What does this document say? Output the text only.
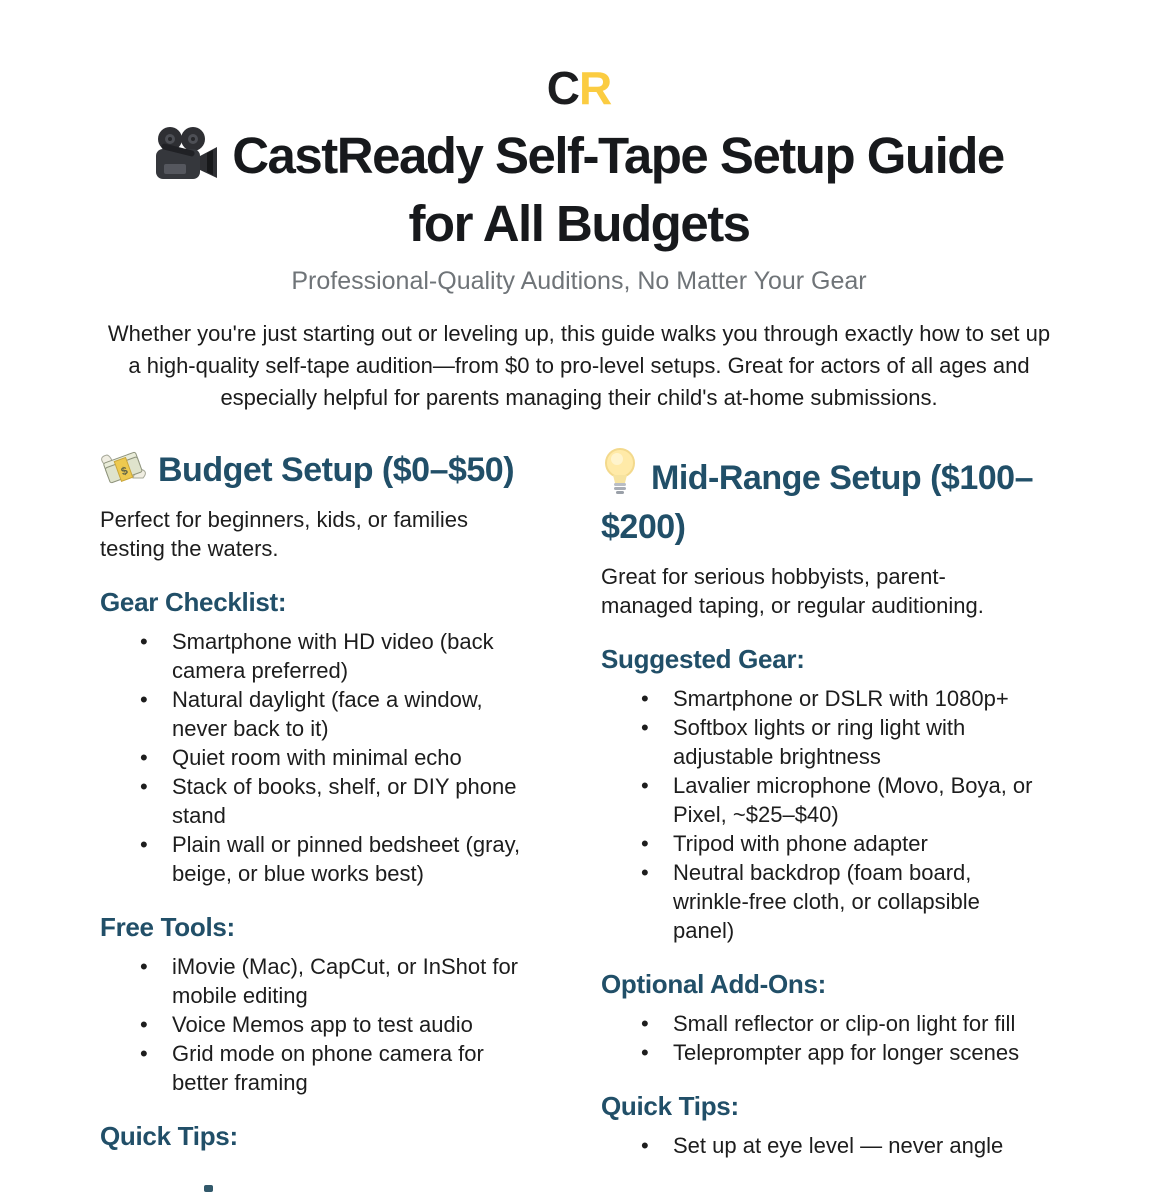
CR
CastReady Self-Tape Setup Guide
for All Budgets
Professional-Quality Auditions, No Matter Your Gear

Whether you're just starting out or leveling up, this guide walks you through exactly how to set up a high-quality self-tape audition—from $0 to pro-level setups. Great for actors of all ages and especially helpful for parents managing their child's at-home submissions.

$ Budget Setup ($0–$50)

Perfect for beginners, kids, or families testing the waters.

Gear Checklist:
• Smartphone with HD video (back camera preferred)
• Natural daylight (face a window, never back to it)
• Quiet room with minimal echo
• Stack of books, shelf, or DIY phone stand
• Plain wall or pinned bedsheet (gray, beige, or blue works best)
Free Tools:
• iMovie (Mac), CapCut, or InShot for mobile editing
• Voice Memos app to test audio
• Grid mode on phone camera for better framing
Quick Tips:
Mid-Range Setup ($100–$200)

Great for serious hobbyists, parent-managed taping, or regular auditioning.

Suggested Gear:
• Smartphone or DSLR with 1080p+
• Softbox lights or ring light with adjustable brightness
• Lavalier microphone (Movo, Boya, or Pixel, ~$25–$40)
• Tripod with phone adapter
• Neutral backdrop (foam board, wrinkle-free cloth, or collapsible panel)
Optional Add-Ons:
• Small reflector or clip-on light for fill
• Teleprompter app for longer scenes
Quick Tips:
• Set up at eye level — never angle
